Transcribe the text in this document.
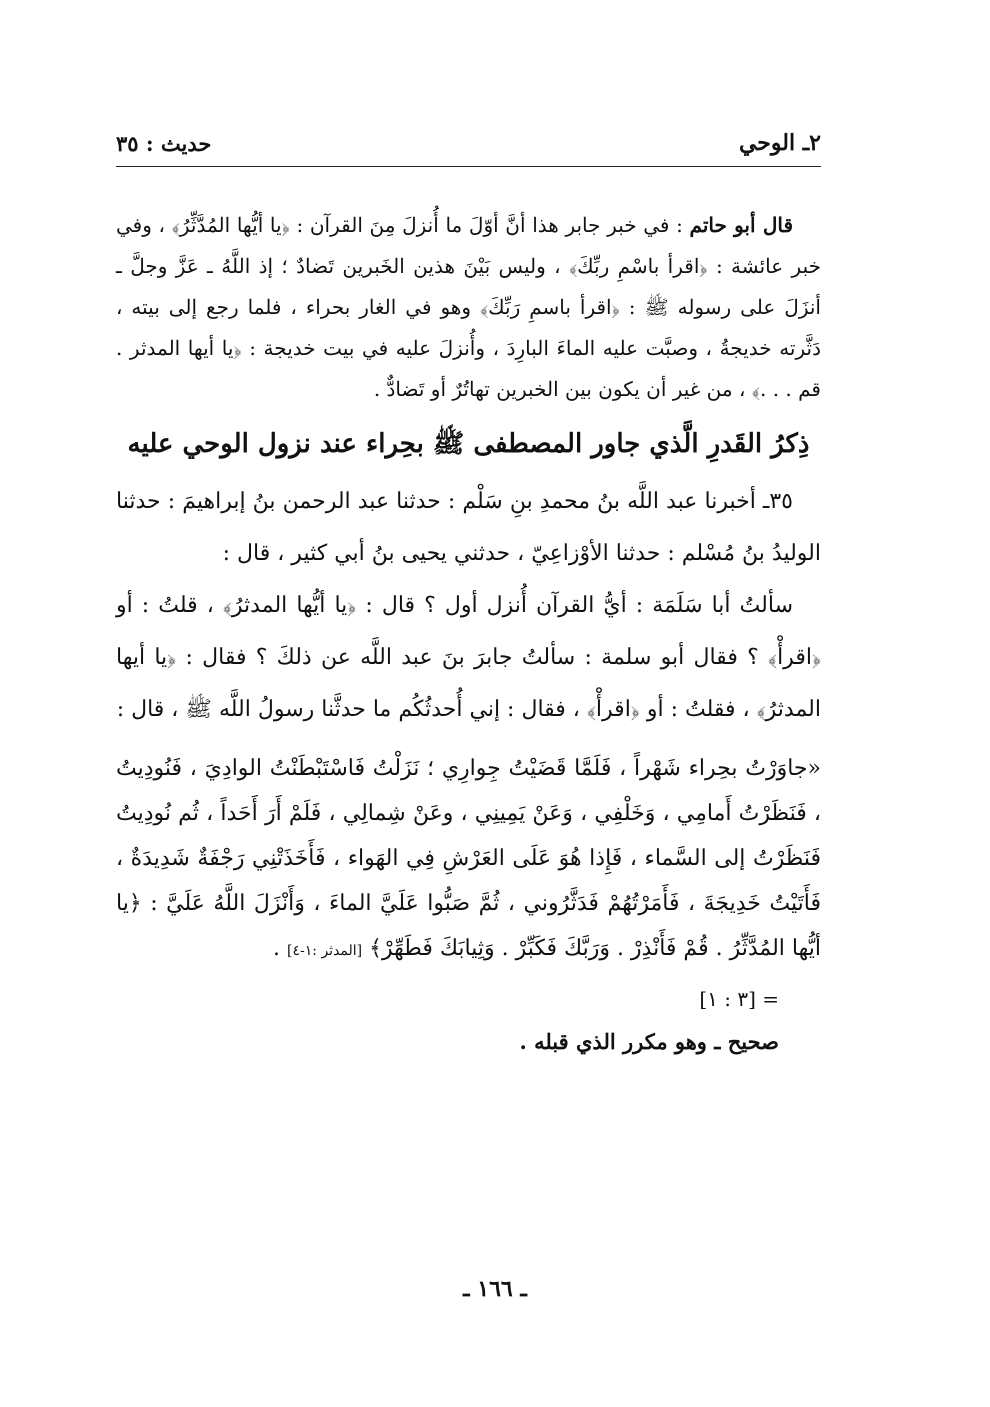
٢ـ الوحي
حديث : ٣٥

قال أبو حاتم : في خبر جابر هذا أنَّ أوّلَ ما أُنزلَ مِنَ القرآن : ﴿يا أيُّها المُدَّثِّرُ﴾ ، وفي خبر عائشة : ﴿اقرأ باسْمِ ربِّكَ﴾ ، وليس بَيْنَ هذين الخَبرين تَضادٌ ؛ إذ اللَّهُ ـ عَزَّ وجلَّ ـ أنزَلَ على رسوله ﷺ : ﴿اقرأ باسمِ رَبِّكَ﴾ وهو في الغار بحراء ، فلما رجع إلى بيته ، دَثَّرته خديجةُ ، وصبَّت عليه الماءَ البارِدَ ، وأُنزلَ عليه في بيت خديجة : ﴿يا أيها المدثر . قم . . .﴾ ، من غير أن يكون بين الخبرين تهاتُرٌ أو تَضادٌّ .

ذِكرُ القَدرِ الَّذي جاور المصطفى ﷺ بحِراء عند نزول الوحي عليه

٣٥ـ أخبرنا عبد اللَّه بنُ محمدِ بنِ سَلْم : حدثنا عبد الرحمن بنُ إبراهيمَ : حدثنا الوليدُ بنُ مُسْلم : حدثنا الأوْزاعِيّ ، حدثني يحيى بنُ أبي كثير ، قال :

سألتُ أبا سَلَمَة : أيُّ القرآن أُنزل أول ؟ قال : ﴿يا أيُّها المدثرُ﴾ ، قلتُ : أو ﴿اقرأْ﴾ ؟ فقال أبو سلمة : سألتُ جابرَ بنَ عبد اللَّه عن ذلكَ ؟ فقال : ﴿يا أيها المدثرُ﴾ ، فقلتُ : أو ﴿اقرأْ﴾ ، فقال : إني أُحدثُكُم ما حدثَّنا رسولُ اللَّه ﷺ ، قال :

«جاوَرْتُ بحِراء شَهْراً ، فَلَمَّا قَضَيْتُ جِوارِي ؛ نَزَلْتُ فَاسْتَبْطَنْتُ الوادِيَ ، فَنُودِيتُ ، فَنَظَرْتُ أَمامِي ، وَخَلْفِي ، وَعَنْ يَمِينِي ، وعَنْ شِمالِي ، فَلَمْ أَرَ أَحَداً ، ثُم نُودِيتُ فَنَظَرْتُ إلى السَّماء ، فَإِذا هُوَ عَلَى العَرْشِ فِي الهَواء ، فَأَخَذَتْنِي رَجْفَةٌ شَدِيدَةٌ ، فَأَتَيْتُ خَدِيجَةَ ، فَأَمَرْتُهُمْ فَدَثَّرُوني ، ثُمَّ صَبُّوا عَلَيَّ الماءَ ، وَأَنْزَلَ اللَّهُ عَلَيَّ : ﴿يا أيُّها المُدَّثِّرُ . قُمْ فَأَنْذِرْ . وَرَبَّكَ فَكَبِّرْ . وَثِيابَكَ فَطَهِّرْ﴾ [المدثر :١-٤] .

= [٣ : ١]

صحيح ـ وهو مكرر الذي قبله .

ـ ١٦٦ ـ
